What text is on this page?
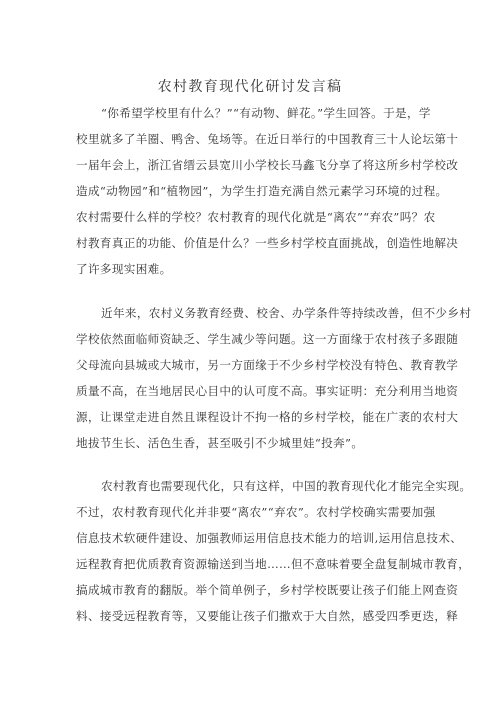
农村教育现代化研讨发言稿
“你希望学校里有什么？”“有动物、鲜花。”学生回答。于是，学
校里就多了羊圈、鸭舍、兔场等。在近日举行的中国教育三十人论坛第十
一届年会上，浙江省缙云县宽川小学校长马鑫飞分享了将这所乡村学校改
造成“动物园”和“植物园”，为学生打造充满自然元素学习环境的过程。
农村需要什么样的学校？农村教育的现代化就是“离农”“弃农”吗？农
村教育真正的功能、价值是什么？一些乡村学校直面挑战，创造性地解决
了许多现实困难。
近年来，农村义务教育经费、校舍、办学条件等持续改善，但不少乡村
学校依然面临师资缺乏、学生减少等问题。这一方面缘于农村孩子多跟随
父母流向县城或大城市，另一方面缘于不少乡村学校没有特色、教育教学
质量不高，在当地居民心目中的认可度不高。事实证明：充分利用当地资
源，让课堂走进自然且课程设计不拘一格的乡村学校，能在广袤的农村大
地拔节生长、活色生香，甚至吸引不少城里娃“投奔”。
农村教育也需要现代化，只有这样，中国的教育现代化才能完全实现。
不过，农村教育现代化并非要“离农”“弃农”。农村学校确实需要加强
信息技术软硬件建设、加强教师运用信息技术能力的培训,运用信息技术、
远程教育把优质教育资源输送到当地……但不意味着要全盘复制城市教育，
搞成城市教育的翻版。举个简单例子，乡村学校既要让孩子们能上网查资
料、接受远程教育等，又要能让孩子们撒欢于大自然，感受四季更迭，释
